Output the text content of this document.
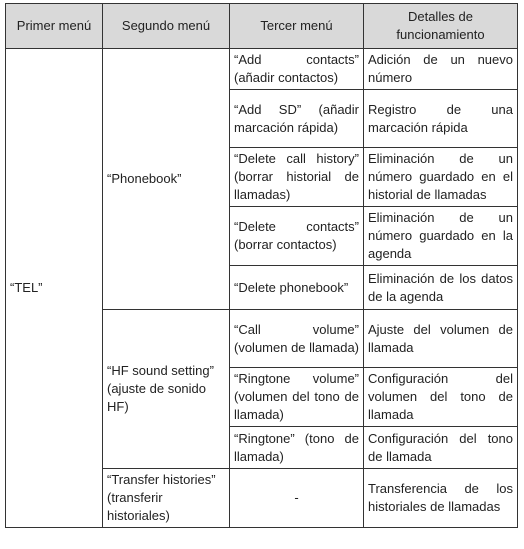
Primer menú	Segundo menú	Tercer menú	Detalles de funcionamiento
“TEL”	“Phonebook”	“Add contacts” (añadir contactos)	Adición de un nuevo número

		“Add SD” (añadir marcación rápida)	Registro de una marcación rápida

		“Delete call history” (borrar historial de llamadas)	Eliminación de un número guardado en el historial de llamadas

		“Delete contacts” (borrar contactos)	Eliminación de un número guardado en la agenda

		“Delete phonebook”	Eliminación de los datos de la agenda

	“HF sound setting” (ajuste de sonido HF)	“Call volume” (volumen de llamada)	Ajuste del volumen de llamada

		“Ringtone volume” (volumen del tono de llamada)	Configuración del volumen del tono de llamada

		“Ringtone” (tono de llamada)	Configuración del tono de llamada

	“Transfer histories” (transferir historiales)	-	Transferencia de los historiales de llamadas
